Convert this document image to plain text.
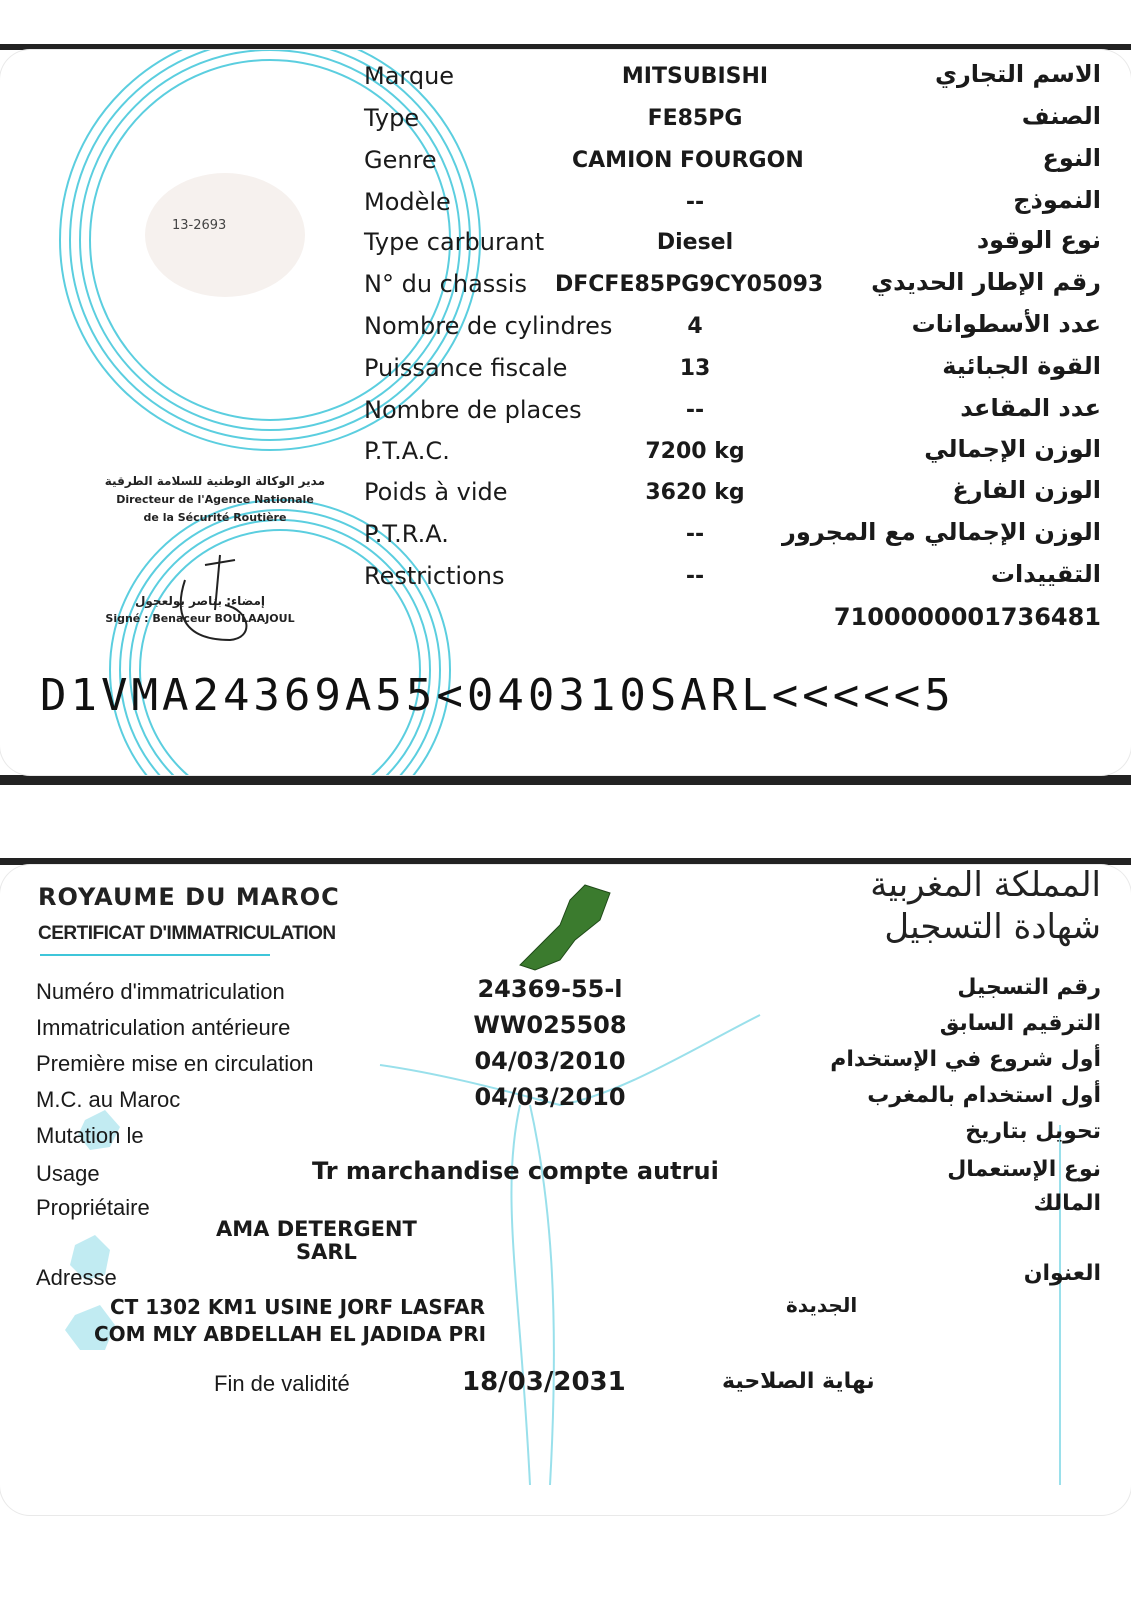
13-2693
مدير الوكالة الوطنية للسلامة الطرقية
Directeur de l'Agence Nationale
de la Sécurité Routière
إمضاء: بناصر بولعجول
Signé : Benaceur BOULAAJOUL	7100000001736481
D1VMA24369A55<040310SARL<<<<<5
Marque	MITSUBISHI	الاسم التجاري
Type	FE85PG	الصنف
Genre	CAMION FOURGON	النوع
Modèle	--	النموذج
Type carburant	Diesel	نوع الوقود
N° du chassis DFCFE85PG9CY05093 رقم الإطار الحديدي
Nombre de cylindres	4	عدد الأسطوانات
Puissance fiscale	13	القوة الجبائية
Nombre de places	--	عدد المقاعد
P.T.A.C.	7200 kg	الوزن الإجمالي
Poids à vide	3620 kg	الوزن الفارغ
P.T.R.A.	--	الوزن الإجمالي مع المجرور
Restrictions	--	التقييدات
ROYAUME DU MAROC
CERTIFICAT D'IMMATRICULATION
المملكة المغربية
شهادة التسجيل
Usage	Tr marchandise compte autrui	نوع الإستعمال
Propriétaire	المالك
AMA DETERGENT
SARL
Adresse	العنوان
CT 1302 KM1 USINE JORF LASFAR
COM MLY ABDELLAH EL JADIDA PRI
الجديدة
Fin de validité	18/03/2031	نهاية الصلاحية
Numéro d'immatriculation	24369-ا-55	رقم التسجيل
Immatriculation antérieure	WW025508	الترقيم السابق
Première mise en circulation	04/03/2010	أول شروع في الإستخدام
M.C. au Maroc	04/03/2010	أول استخدام بالمغرب
Mutation le	تحويل بتاريخ
